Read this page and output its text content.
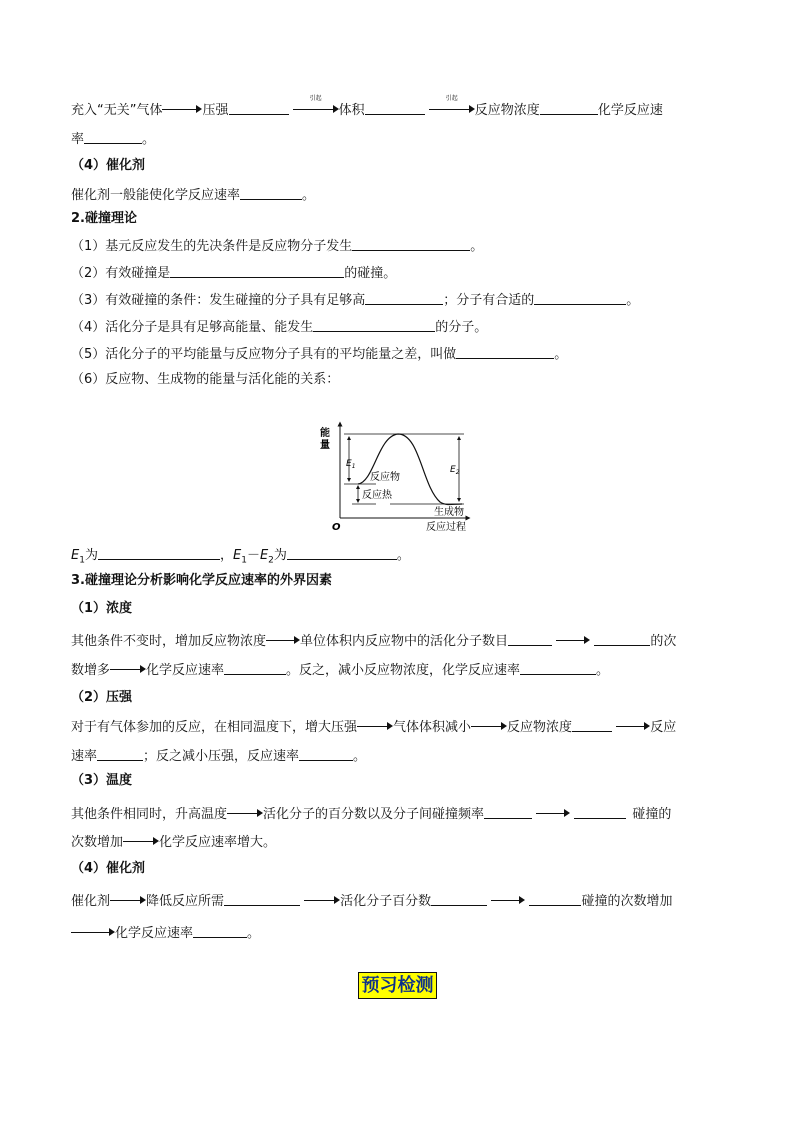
充入“无关”气体	压强
引起
体积
引起
反应物浓度	化学反应速
率	。
（4）催化剂
催化剂一般能使化学反应速率	。
2.碰撞理论
（1）基元反应发生的先决条件是反应物分子发生	。
（2）有效碰撞是	的碰撞。
（3）有效碰撞的条件：发生碰撞的分子具有足够高	；分子有合适的	。
（4）活化分子是具有足够高能量、能发生	的分子。
（5）活化分子的平均能量与反应物分子具有的平均能量之差，叫做	。
（6）反应物、生成物的能量与活化能的关系：
能
量
O	反应过程
$E_1$	$E_2$
反应物
反应热
生成物
$E_1$为	，$E_1-E_2$为	。
3.碰撞理论分析影响化学反应速率的外界因素
（1）浓度
其他条件不变时，增加反应物浓度	单位体积内反应物中的活化分子数目	的次
数增多	化学反应速率	。反之，减小反应物浓度，化学反应速率	。
（2）压强
对于有气体参加的反应，在相同温度下，增大压强	气体体积减小	反应物浓度	反应
速率	；反之减小压强，反应速率	。
（3）温度
其他条件相同时，升高温度	活化分子的百分数以及分子间碰撞频率	碰撞的
次数增加	化学反应速率增大。
（4）催化剂
催化剂	降低反应所需	活化分子百分数	碰撞的次数增加
化学反应速率	。
预习检测
